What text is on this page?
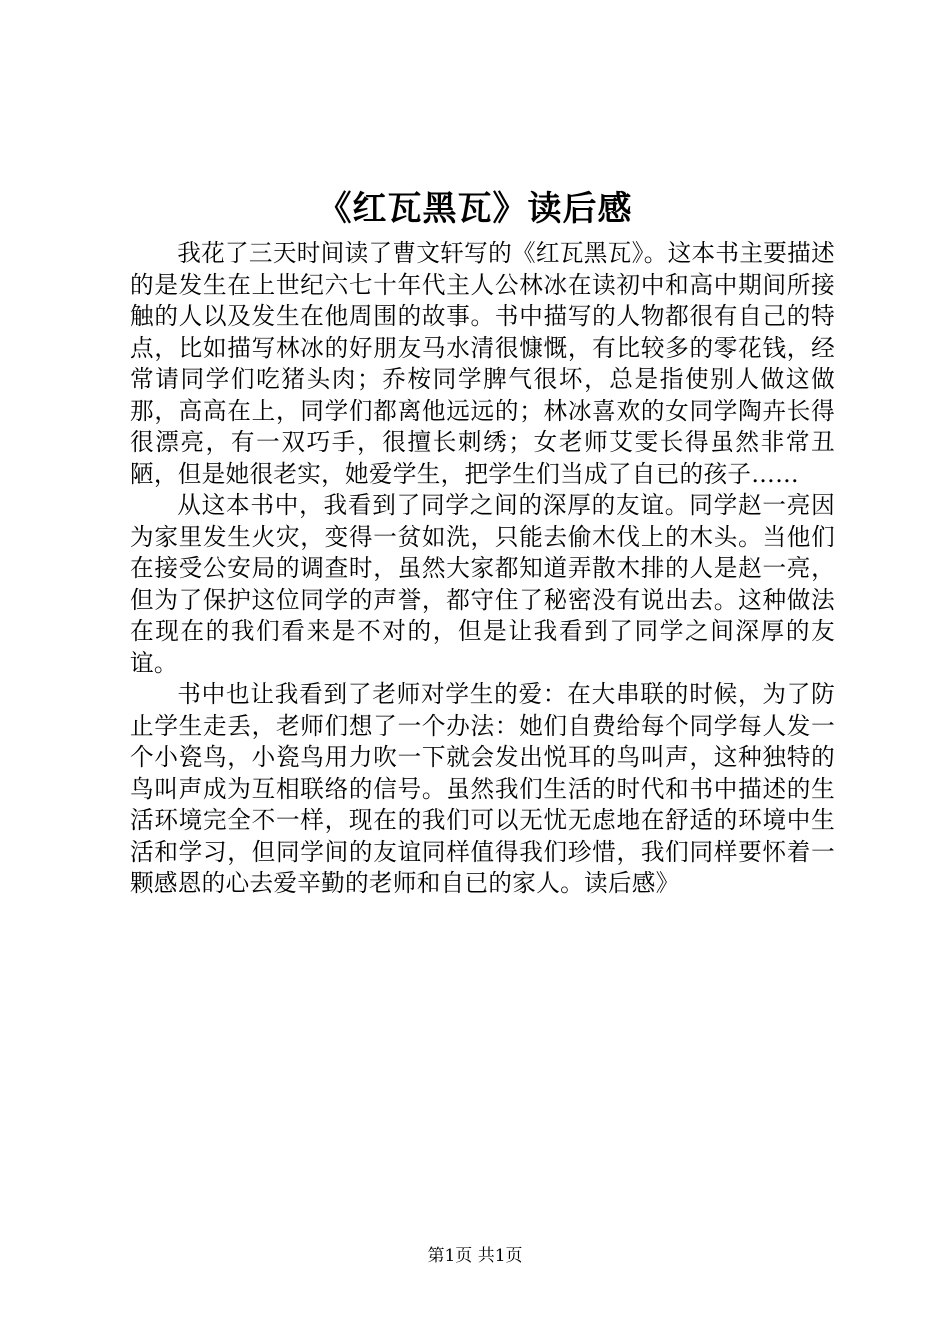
《红瓦黑瓦》读后感

我花了三天时间读了曹文轩写的《红瓦黑瓦》。这本书主要描述的是发生在上世纪六七十年代主人公林冰在读初中和高中期间所接触的人以及发生在他周围的故事。书中描写的人物都很有自己的特点，比如描写林冰的好朋友马水清很慷慨，有比较多的零花钱，经常请同学们吃猪头肉；乔桉同学脾气很坏，总是指使别人做这做那，高高在上，同学们都离他远远的；林冰喜欢的女同学陶卉长得很漂亮，有一双巧手，很擅长刺绣；女老师艾雯长得虽然非常丑陋，但是她很老实，她爱学生，把学生们当成了自已的孩子……

从这本书中，我看到了同学之间的深厚的友谊。同学赵一亮因为家里发生火灾，变得一贫如洗，只能去偷木伐上的木头。当他们在接受公安局的调查时，虽然大家都知道弄散木排的人是赵一亮，但为了保护这位同学的声誉，都守住了秘密没有说出去。这种做法在现在的我们看来是不对的，但是让我看到了同学之间深厚的友谊。

书中也让我看到了老师对学生的爱：在大串联的时候，为了防止学生走丢，老师们想了一个办法：她们自费给每个同学每人发一个小瓷鸟，小瓷鸟用力吹一下就会发出悦耳的鸟叫声，这种独特的鸟叫声成为互相联络的信号。虽然我们生活的时代和书中描述的生活环境完全不一样，现在的我们可以无忧无虑地在舒适的环境中生活和学习，但同学间的友谊同样值得我们珍惜，我们同样要怀着一颗感恩的心去爱辛勤的老师和自已的家人。读后感》

第1页 共1页
